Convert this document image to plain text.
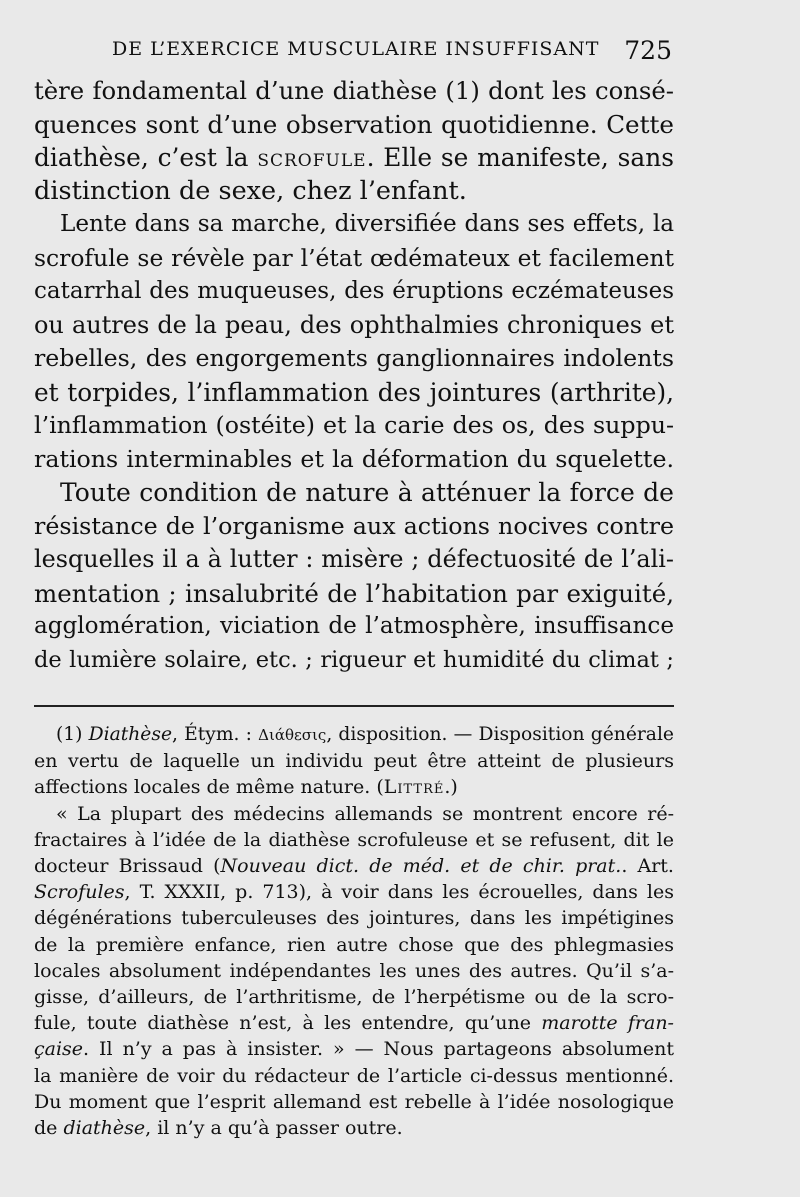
DE L’EXERCICE MUSCULAIRE INSUFFISANT 725
tère fondamental d’une diathèse (1) dont les consé-
quences sont d’une observation quotidienne. Cette
diathèse, c’est la scrofule. Elle se manifeste, sans
distinction de sexe, chez l’enfant.
Lente dans sa marche, diversifiée dans ses effets, la
scrofule se révèle par l’état œdémateux et facilement
catarrhal des muqueuses, des éruptions eczémateuses
ou autres de la peau, des ophthalmies chroniques et
rebelles, des engorgements ganglionnaires indolents
et torpides, l’inflammation des jointures (arthrite),
l’inflammation (ostéite) et la carie des os, des suppu-
rations interminables et la déformation du squelette.
Toute condition de nature à atténuer la force de
résistance de l’organisme aux actions nocives contre
lesquelles il a à lutter : misère ; défectuosité de l’ali-
mentation ; insalubrité de l’habitation par exiguité,
agglomération, viciation de l’atmosphère, insuffisance
de lumière solaire, etc. ; rigueur et humidité du climat ;
(1) Diathèse, Étym. : Διάθεσις, disposition. — Disposition générale
en vertu de laquelle un individu peut être atteint de plusieurs
affections locales de même nature. (Littré.)
« La plupart des médecins allemands se montrent encore ré-
fractaires à l’idée de la diathèse scrofuleuse et se refusent, dit le
docteur Brissaud (Nouveau dict. de méd. et de chir. prat.. Art.
Scrofules, T. XXXII, p. 713), à voir dans les écrouelles, dans les
dégénérations tuberculeuses des jointures, dans les impétigines
de la première enfance, rien autre chose que des phlegmasies
locales absolument indépendantes les unes des autres. Qu’il s’a-
gisse, d’ailleurs, de l’arthritisme, de l’herpétisme ou de la scro-
fule, toute diathèse n’est, à les entendre, qu’une marotte fran-
çaise. Il n’y a pas à insister. » — Nous partageons absolument
la manière de voir du rédacteur de l’article ci-dessus mentionné.
Du moment que l’esprit allemand est rebelle à l’idée nosologique
de diathèse, il n’y a qu’à passer outre.
